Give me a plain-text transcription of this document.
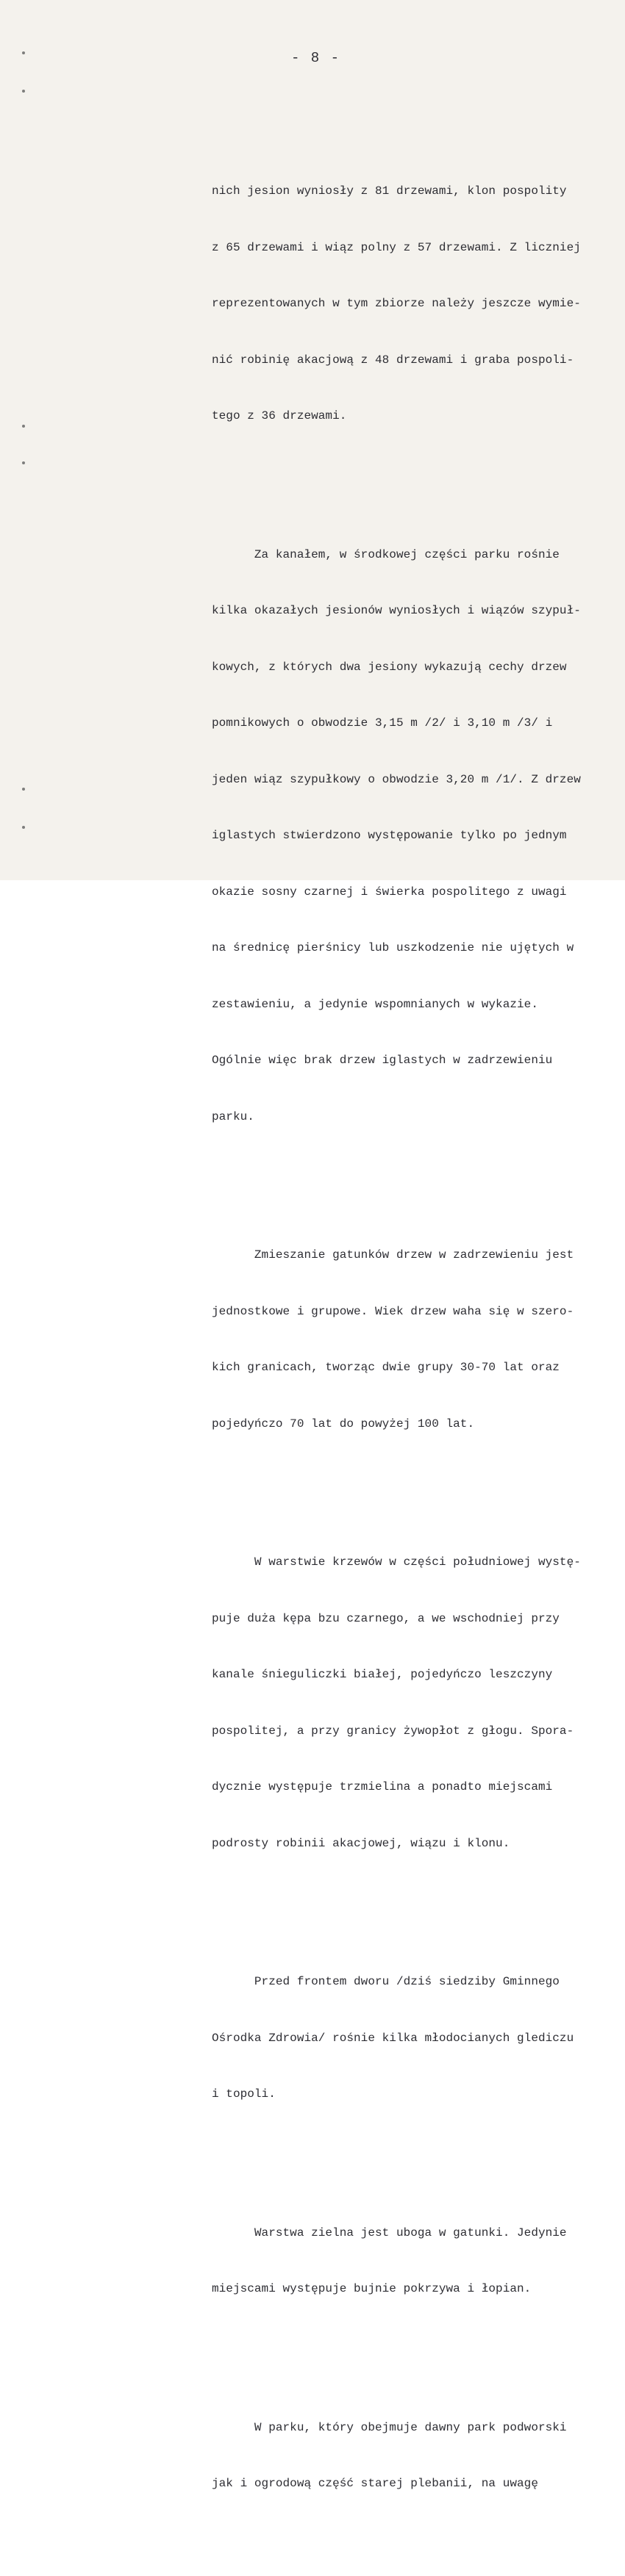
- 8 -

nich jesion wyniosły z 81 drzewami, klon pospolity

z 65 drzewami i wiąz polny z 57 drzewami. Z liczniej

reprezentowanych w tym zbiorze należy jeszcze wymie-

nić robinię akacjową z 48 drzewami i graba pospoli-

tego z 36 drzewami.

Za kanałem, w środkowej części parku rośnie

kilka okazałych jesionów wyniosłych i wiązów szypuł-

kowych, z których dwa jesiony wykazują cechy drzew

pomnikowych o obwodzie 3,15 m /2/ i 3,10 m /3/ i

jeden wiąz szypułkowy o obwodzie 3,20 m /1/. Z drzew

iglastych stwierdzono występowanie tylko po jednym

okazie sosny czarnej i świerka pospolitego z uwagi

na średnicę pierśnicy lub uszkodzenie nie ujętych w

zestawieniu, a jedynie wspomnianych w wykazie.

Ogólnie więc brak drzew iglastych w zadrzewieniu

parku.

Zmieszanie gatunków drzew w zadrzewieniu jest

jednostkowe i grupowe. Wiek drzew waha się w szero-

kich granicach, tworząc dwie grupy 30-70 lat oraz

pojedyńczo 70 lat do powyżej 100 lat.

W warstwie krzewów w części południowej wystę-

puje duża kępa bzu czarnego, a we wschodniej przy

kanale śnieguliczki białej, pojedyńczo leszczyny

pospolitej, a przy granicy żywopłot z głogu. Sporа-

dycznie występuje trzmielina a ponadto miejscami

podrosty robinii akacjowej, wiązu i klonu.

Przed frontem dworu /dziś siedziby Gminnego

Ośrodka Zdrowia/ rośnie kilka młodocianych glediczu

i topoli.

Warstwa zielna jest uboga w gatunki. Jedynie

miejscami występuje bujnie pokrzywa i łopian.

W parku, który obejmuje dawny park podworski

jak i ogrodową część starej plebanii, na uwagę
